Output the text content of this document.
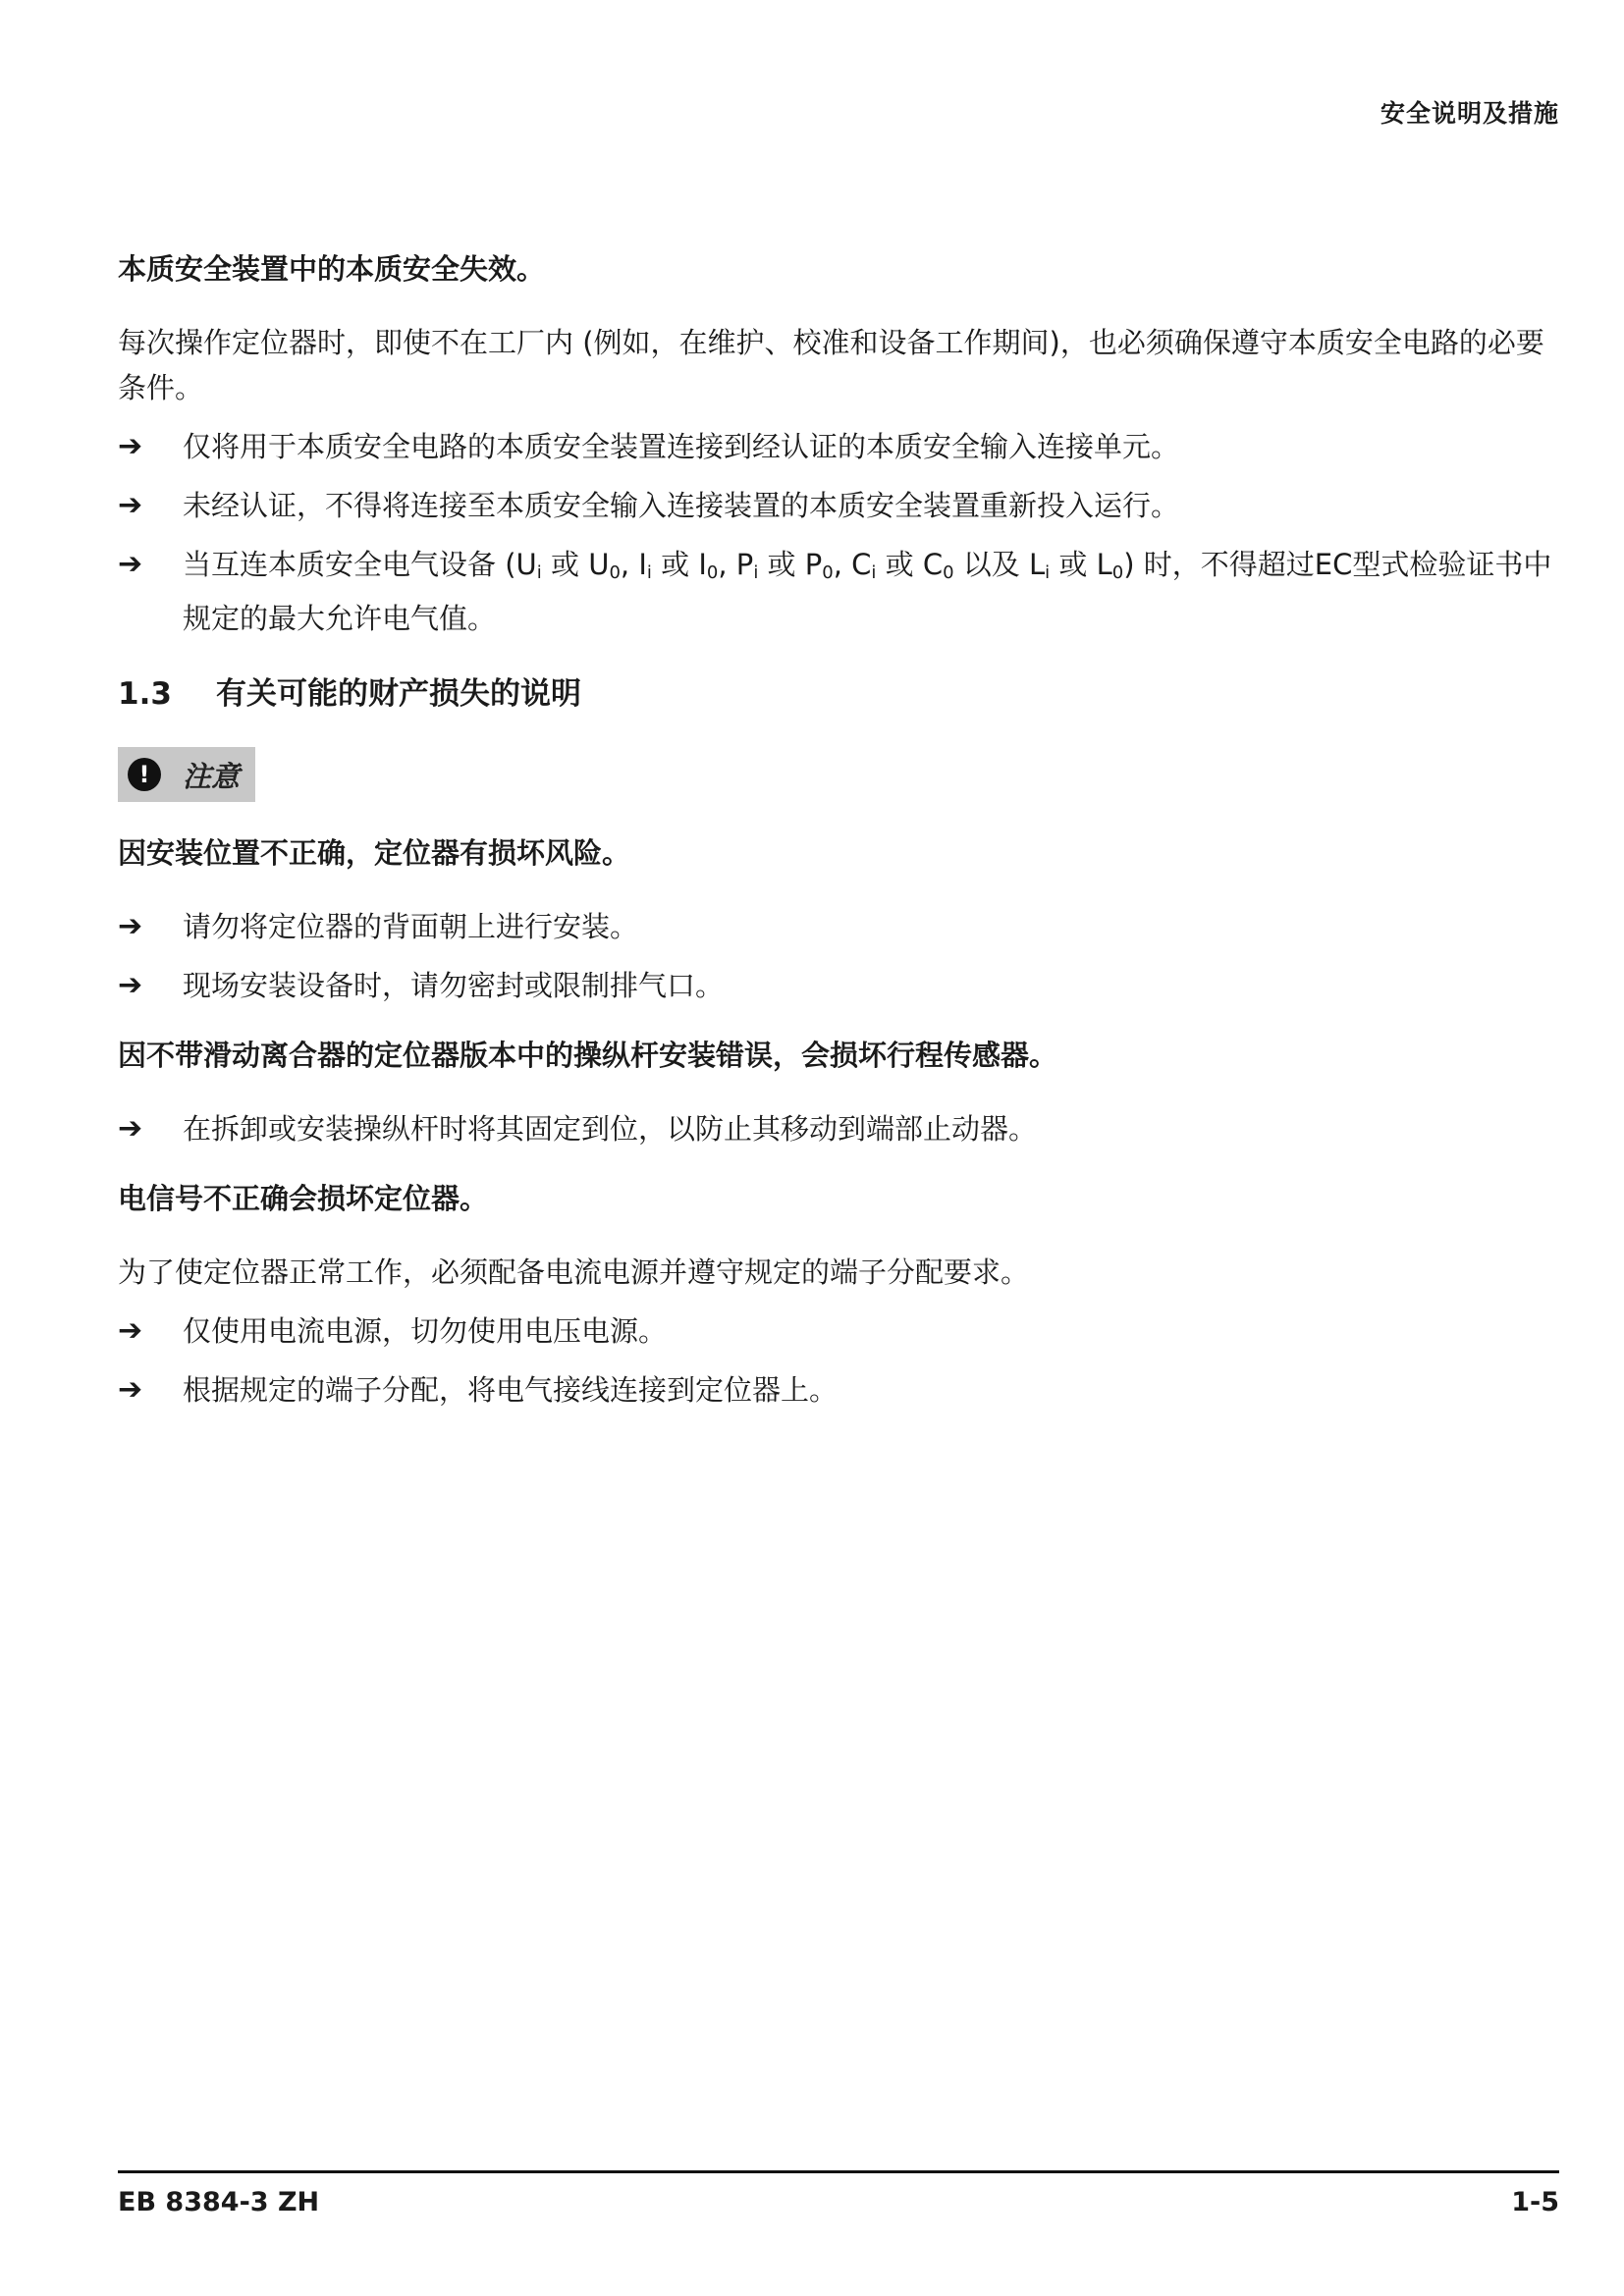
安全说明及措施
本质安全装置中的本质安全失效。
每次操作定位器时，即使不在工厂内 (例如，在维护、校准和设备工作期间)，也必须确保遵守本质安全电路的必要条件。
➔	仅将用于本质安全电路的本质安全装置连接到经认证的本质安全输入连接单元。
➔	未经认证，不得将连接至本质安全输入连接装置的本质安全装置重新投入运行。
➔	当互连本质安全电气设备 ($U_i$ 或 $U_0$, $I_i$ 或 $I_0$, $P_i$ 或 $P_0$, $C_i$ 或 $C_0$ 以及 $L_i$ 或 $L_0$) 时，不得超过EC型式检验证书中规定的最大允许电气值。
1.3	有关可能的财产损失的说明
!	注意
因安装位置不正确，定位器有损坏风险。
➔	请勿将定位器的背面朝上进行安装。
➔	现场安装设备时，请勿密封或限制排气口。
因不带滑动离合器的定位器版本中的操纵杆安装错误，会损坏行程传感器。
➔	在拆卸或安装操纵杆时将其固定到位，以防止其移动到端部止动器。
电信号不正确会损坏定位器。
为了使定位器正常工作，必须配备电流电源并遵守规定的端子分配要求。
➔	仅使用电流电源，切勿使用电压电源。
➔	根据规定的端子分配，将电气接线连接到定位器上。
EB 8384-3 ZH	1-5
